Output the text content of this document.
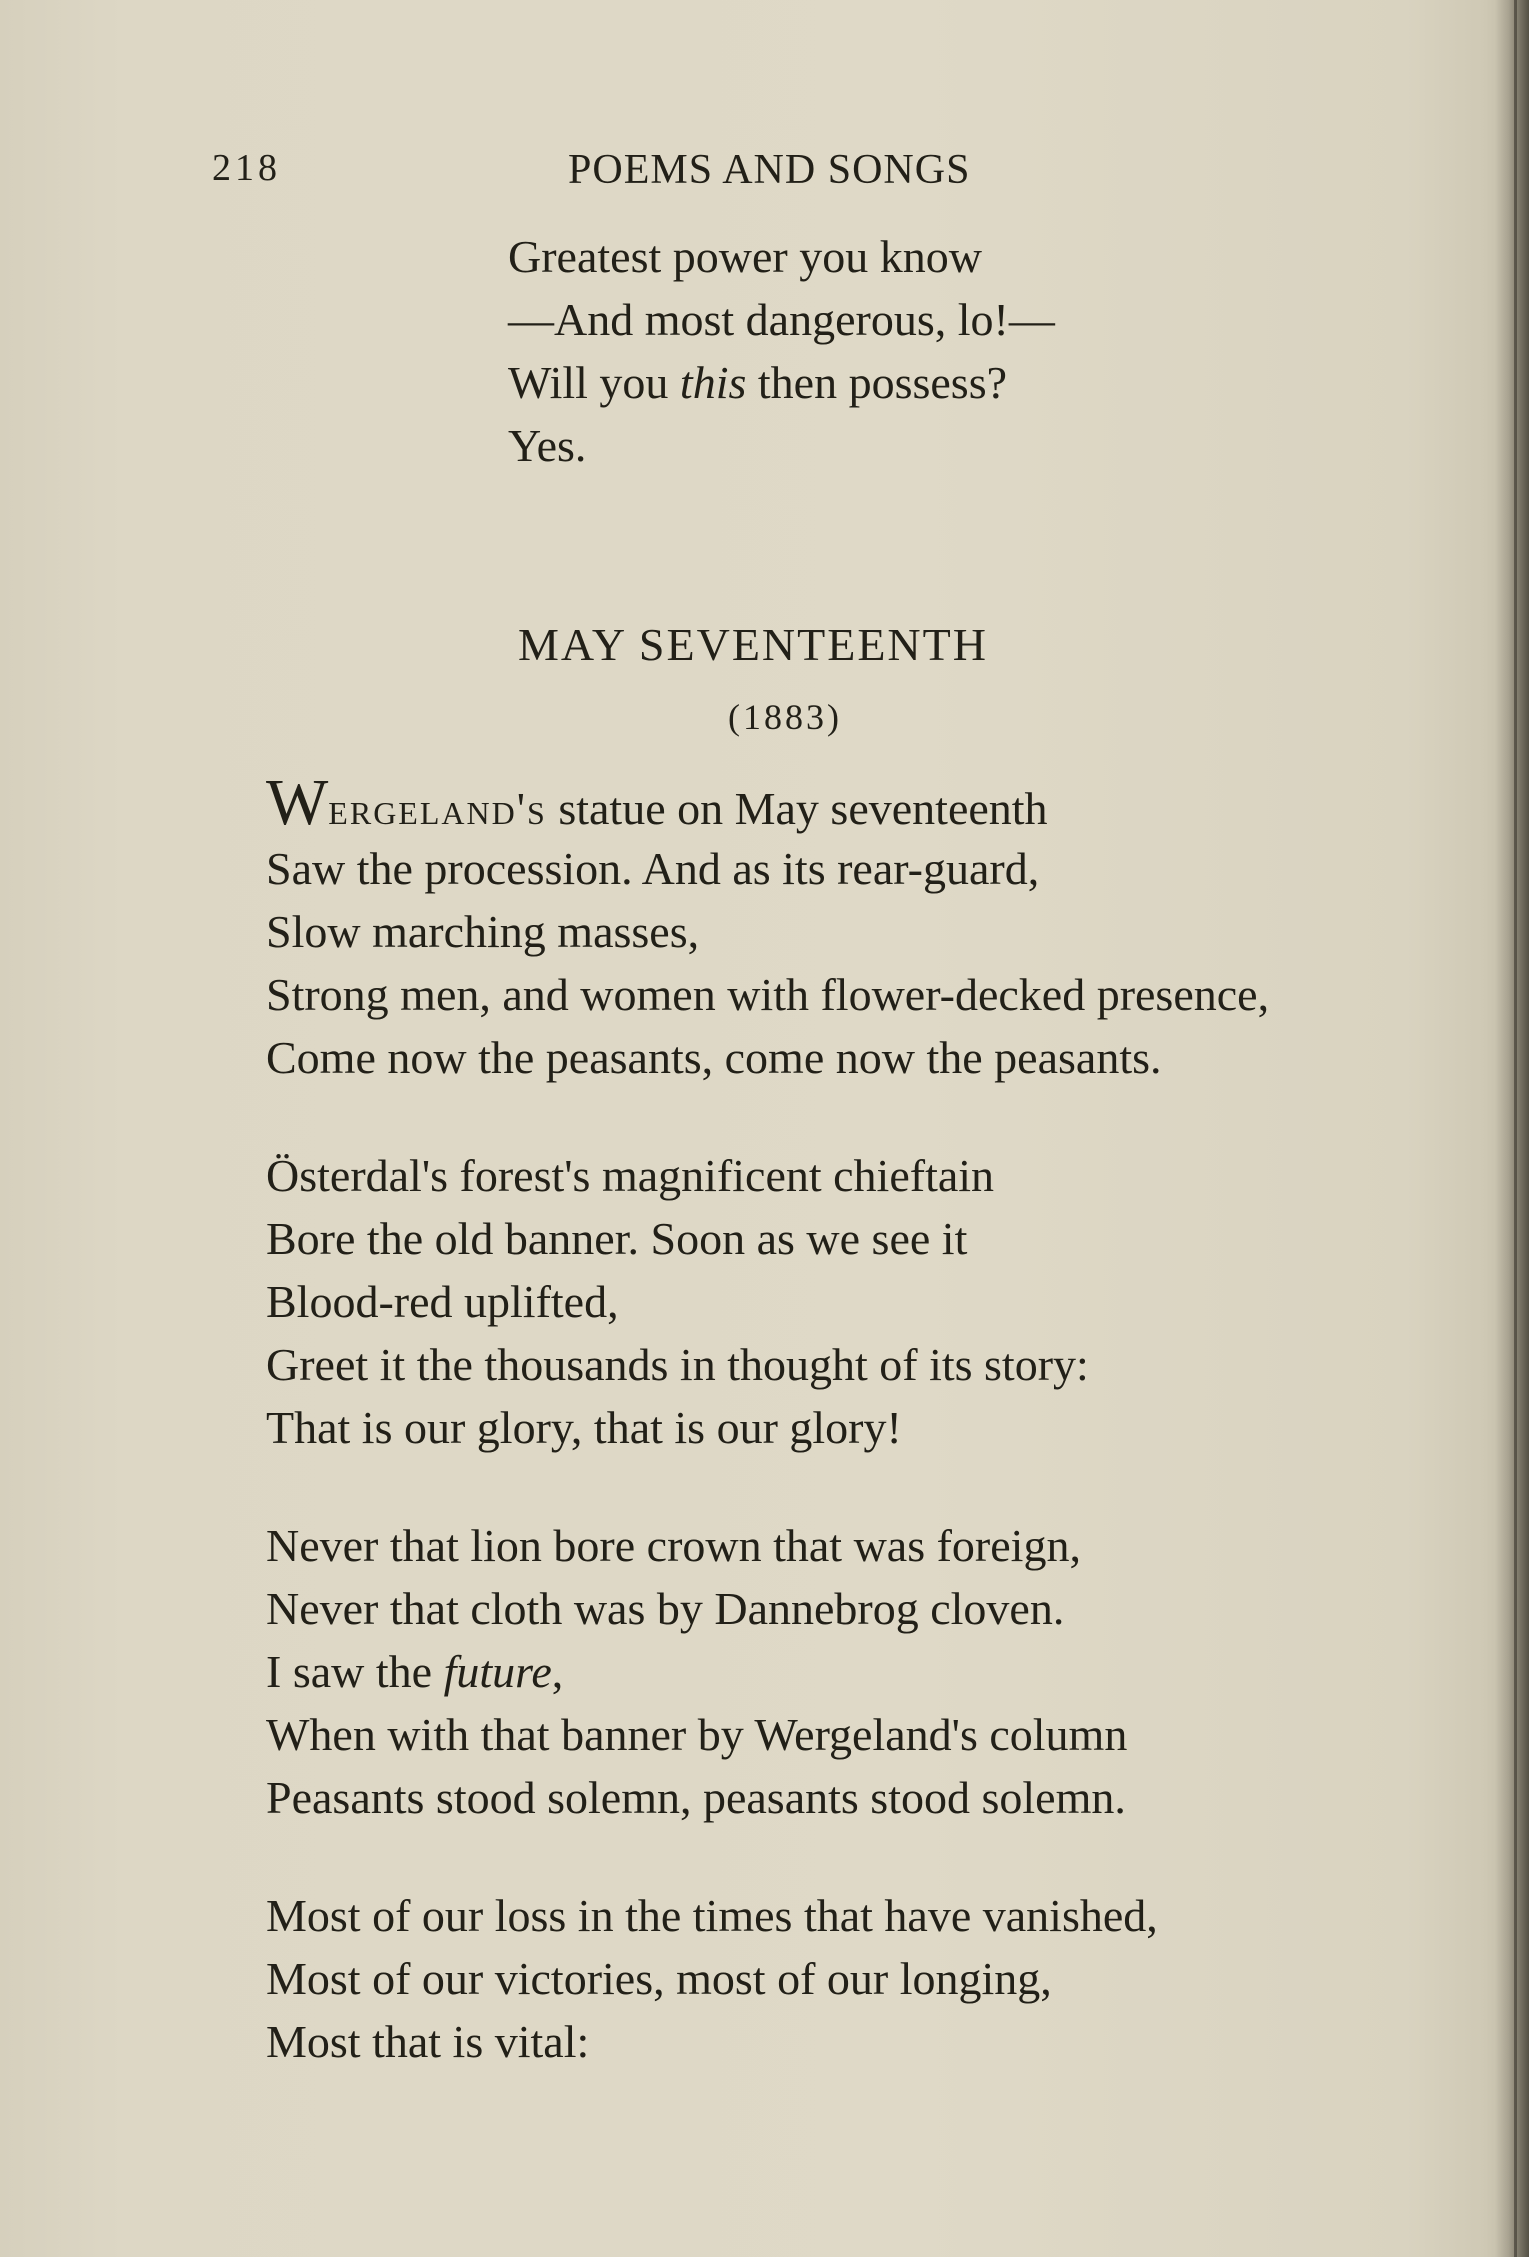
218	POEMS AND SONGS
Greatest power you know
—And most dangerous, lo!—
Will you this then possess?
Yes.
MAY SEVENTEENTH
(1883)
Wergeland's statue on May seventeenth
Saw the procession. And as its rear-guard,
Slow marching masses,
Strong men, and women with flower-decked presence,
Come now the peasants, come now the peasants.
Österdal's forest's magnificent chieftain
Bore the old banner. Soon as we see it
Blood-red uplifted,
Greet it the thousands in thought of its story:
That is our glory, that is our glory!
Never that lion bore crown that was foreign,
Never that cloth was by Dannebrog cloven.
I saw the future,
When with that banner by Wergeland's column
Peasants stood solemn, peasants stood solemn.
Most of our loss in the times that have vanished,
Most of our victories, most of our longing,
Most that is vital:
